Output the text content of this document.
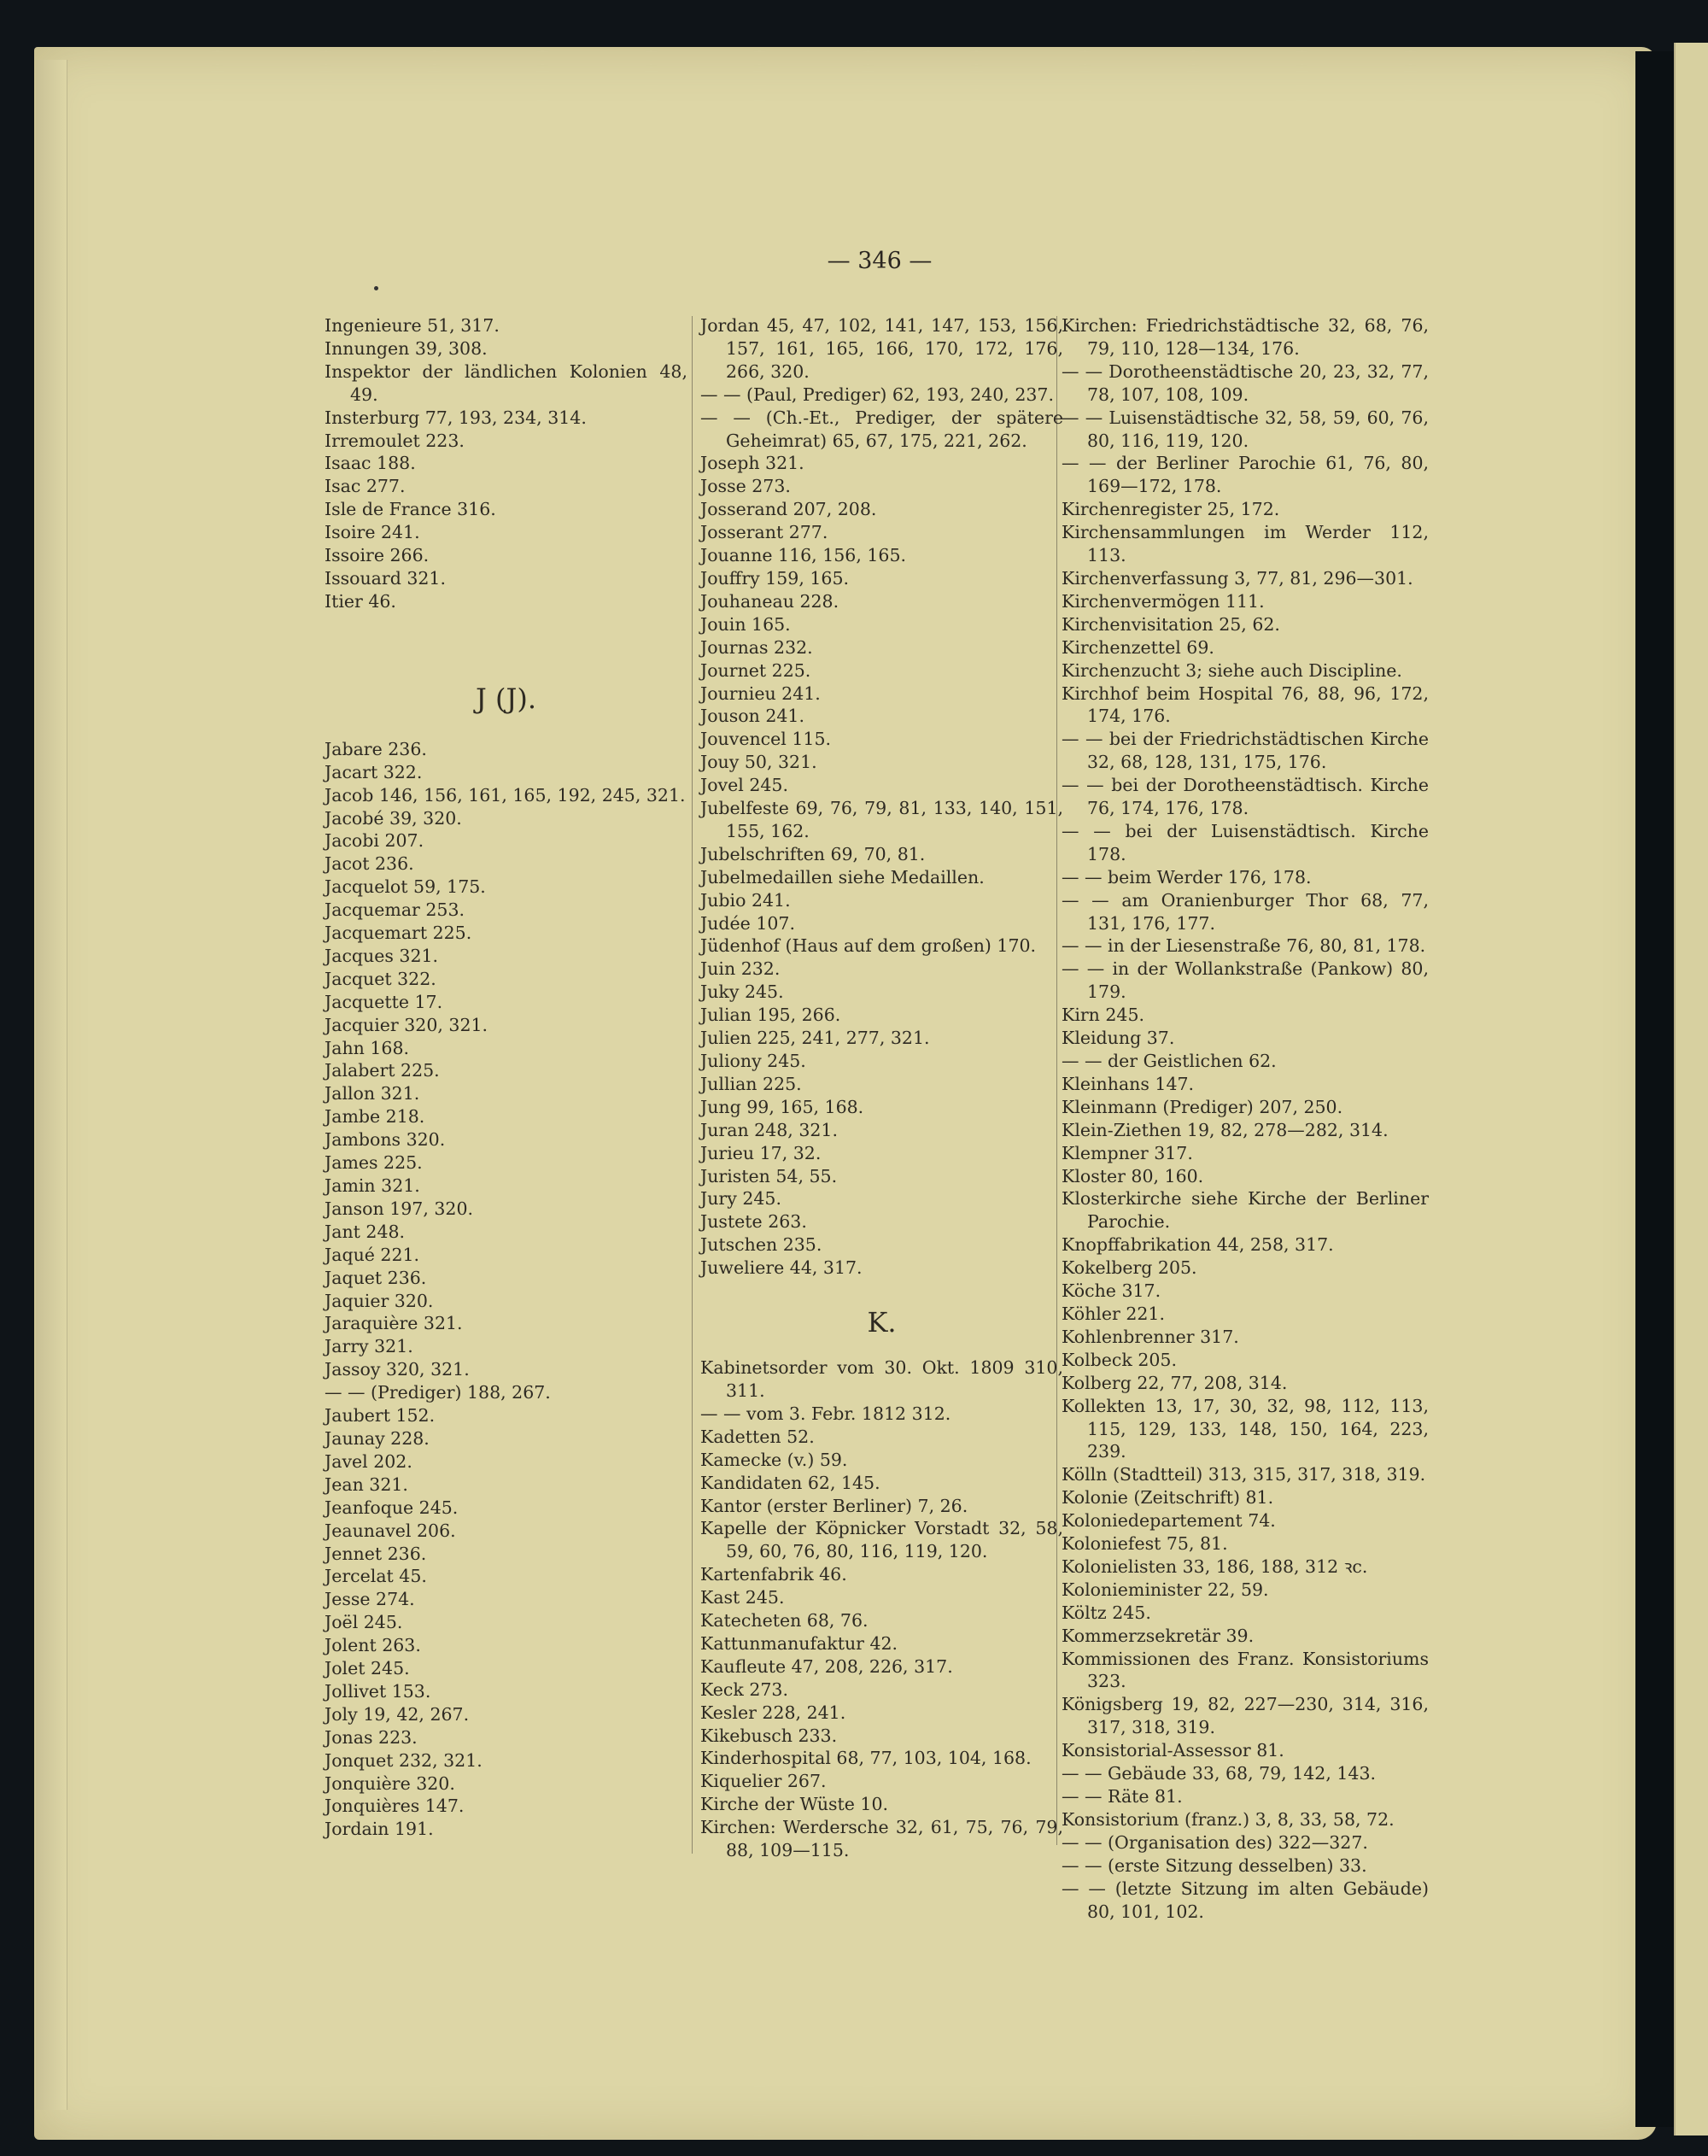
— 346 —
Ingenieure 51, 317.
Innungen 39, 308.
Inspektor der ländlichen Kolonien 48, 49.
Insterburg 77, 193, 234, 314.
Irremoulet 223.
Isaac 188.
Isac 277.
Isle de France 316.
Isoire 241.
Issoire 266.
Issouard 321.
Itier 46.
J (J).
Jabare 236.
Jacart 322.
Jacob 146, 156, 161, 165, 192, 245, 321.
Jacobé 39, 320.
Jacobi 207.
Jacot 236.
Jacquelot 59, 175.
Jacquemar 253.
Jacquemart 225.
Jacques 321.
Jacquet 322.
Jacquette 17.
Jacquier 320, 321.
Jahn 168.
Jalabert 225.
Jallon 321.
Jambe 218.
Jambons 320.
James 225.
Jamin 321.
Janson 197, 320.
Jant 248.
Jaqué 221.
Jaquet 236.
Jaquier 320.
Jaraquière 321.
Jarry 321.
Jassoy 320, 321.
— — (Prediger) 188, 267.
Jaubert 152.
Jaunay 228.
Javel 202.
Jean 321.
Jeanfoque 245.
Jeaunavel 206.
Jennet 236.
Jercelat 45.
Jesse 274.
Joël 245.
Jolent 263.
Jolet 245.
Jollivet 153.
Joly 19, 42, 267.
Jonas 223.
Jonquet 232, 321.
Jonquière 320.
Jonquières 147.
Jordain 191.
Jordan 45, 47, 102, 141, 147, 153, 156, 157, 161, 165, 166, 170, 172, 176, 266, 320.
— — (Paul, Prediger) 62, 193, 240, 237.
— — (Ch.-Et., Prediger, der spätere Geheimrat) 65, 67, 175, 221, 262.
Joseph 321.
Josse 273.
Josserand 207, 208.
Josserant 277.
Jouanne 116, 156, 165.
Jouffry 159, 165.
Jouhaneau 228.
Jouin 165.
Journas 232.
Journet 225.
Journieu 241.
Jouson 241.
Jouvencel 115.
Jouy 50, 321.
Jovel 245.
Jubelfeste 69, 76, 79, 81, 133, 140, 151, 155, 162.
Jubelschriften 69, 70, 81.
Jubelmedaillen siehe Medaillen.
Jubio 241.
Judée 107.
Jüdenhof (Haus auf dem großen) 170.
Juin 232.
Juky 245.
Julian 195, 266.
Julien 225, 241, 277, 321.
Juliony 245.
Jullian 225.
Jung 99, 165, 168.
Juran 248, 321.
Jurieu 17, 32.
Juristen 54, 55.
Jury 245.
Justete 263.
Jutschen 235.
Juweliere 44, 317.
K.
Kabinetsorder vom 30. Okt. 1809 310, 311.
— — vom 3. Febr. 1812 312.
Kadetten 52.
Kamecke (v.) 59.
Kandidaten 62, 145.
Kantor (erster Berliner) 7, 26.
Kapelle der Köpnicker Vorstadt 32, 58, 59, 60, 76, 80, 116, 119, 120.
Kartenfabrik 46.
Kast 245.
Katecheten 68, 76.
Kattunmanufaktur 42.
Kaufleute 47, 208, 226, 317.
Keck 273.
Kesler 228, 241.
Kikebusch 233.
Kinderhospital 68, 77, 103, 104, 168.
Kiquelier 267.
Kirche der Wüste 10.
Kirchen: Werdersche 32, 61, 75, 76, 79, 88, 109—115.
Kirchen: Friedrichstädtische 32, 68, 76, 79, 110, 128—134, 176.
— — Dorotheenstädtische 20, 23, 32, 77, 78, 107, 108, 109.
— — Luisenstädtische 32, 58, 59, 60, 76, 80, 116, 119, 120.
— — der Berliner Parochie 61, 76, 80, 169—172, 178.
Kirchenregister 25, 172.
Kirchensammlungen im Werder 112, 113.
Kirchenverfassung 3, 77, 81, 296—301.
Kirchenvermögen 111.
Kirchenvisitation 25, 62.
Kirchenzettel 69.
Kirchenzucht 3; siehe auch Discipline.
Kirchhof beim Hospital 76, 88, 96, 172, 174, 176.
— — bei der Friedrichstädtischen Kirche 32, 68, 128, 131, 175, 176.
— — bei der Dorotheenstädtisch. Kirche 76, 174, 176, 178.
— — bei der Luisenstädtisch. Kirche 178.
— — beim Werder 176, 178.
— — am Oranienburger Thor 68, 77, 131, 176, 177.
— — in der Liesenstraße 76, 80, 81, 178.
— — in der Wollankstraße (Pankow) 80, 179.
Kirn 245.
Kleidung 37.
— — der Geistlichen 62.
Kleinhans 147.
Kleinmann (Prediger) 207, 250.
Klein-Ziethen 19, 82, 278—282, 314.
Klempner 317.
Kloster 80, 160.
Klosterkirche siehe Kirche der Berliner Parochie.
Knopffabrikation 44, 258, 317.
Kokelberg 205.
Köche 317.
Köhler 221.
Kohlenbrenner 317.
Kolbeck 205.
Kolberg 22, 77, 208, 314.
Kollekten 13, 17, 30, 32, 98, 112, 113, 115, 129, 133, 148, 150, 164, 223, 239.
Kölln (Stadtteil) 313, 315, 317, 318, 319.
Kolonie (Zeitschrift) 81.
Koloniedepartement 74.
Koloniefest 75, 81.
Kolonielisten 33, 186, 188, 312 ꝛc.
Kolonieminister 22, 59.
Költz 245.
Kommerzsekretär 39.
Kommissionen des Franz. Konsistoriums 323.
Königsberg 19, 82, 227—230, 314, 316, 317, 318, 319.
Konsistorial-Assessor 81.
— — Gebäude 33, 68, 79, 142, 143.
— — Räte 81.
Konsistorium (franz.) 3, 8, 33, 58, 72.
— — (Organisation des) 322—327.
— — (erste Sitzung desselben) 33.
— — (letzte Sitzung im alten Gebäude) 80, 101, 102.
